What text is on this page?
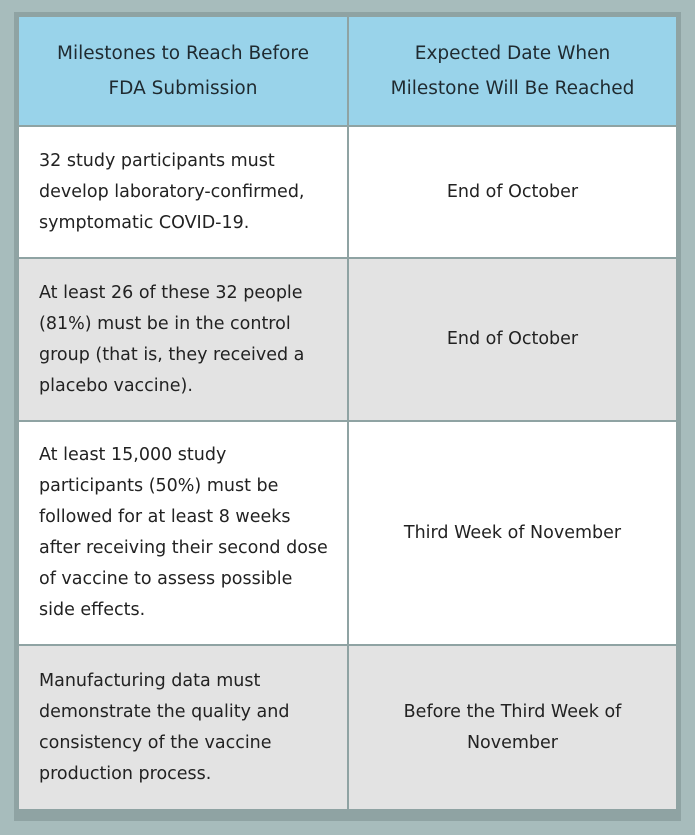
Milestones to Reach Before FDA Submission
Expected Date When Milestone Will Be Reached
32 study participants must develop laboratory-confirmed, symptomatic COVID-19.
End of October
At least 26 of these 32 people (81%) must be in the control group (that is, they received a placebo vaccine).
End of October
At least 15,000 study participants (50%) must be followed for at least 8 weeks after receiving their second dose of vaccine to assess possible side effects.
Third Week of November
Manufacturing data must demonstrate the quality and consistency of the vaccine production process.
Before the Third Week of November
